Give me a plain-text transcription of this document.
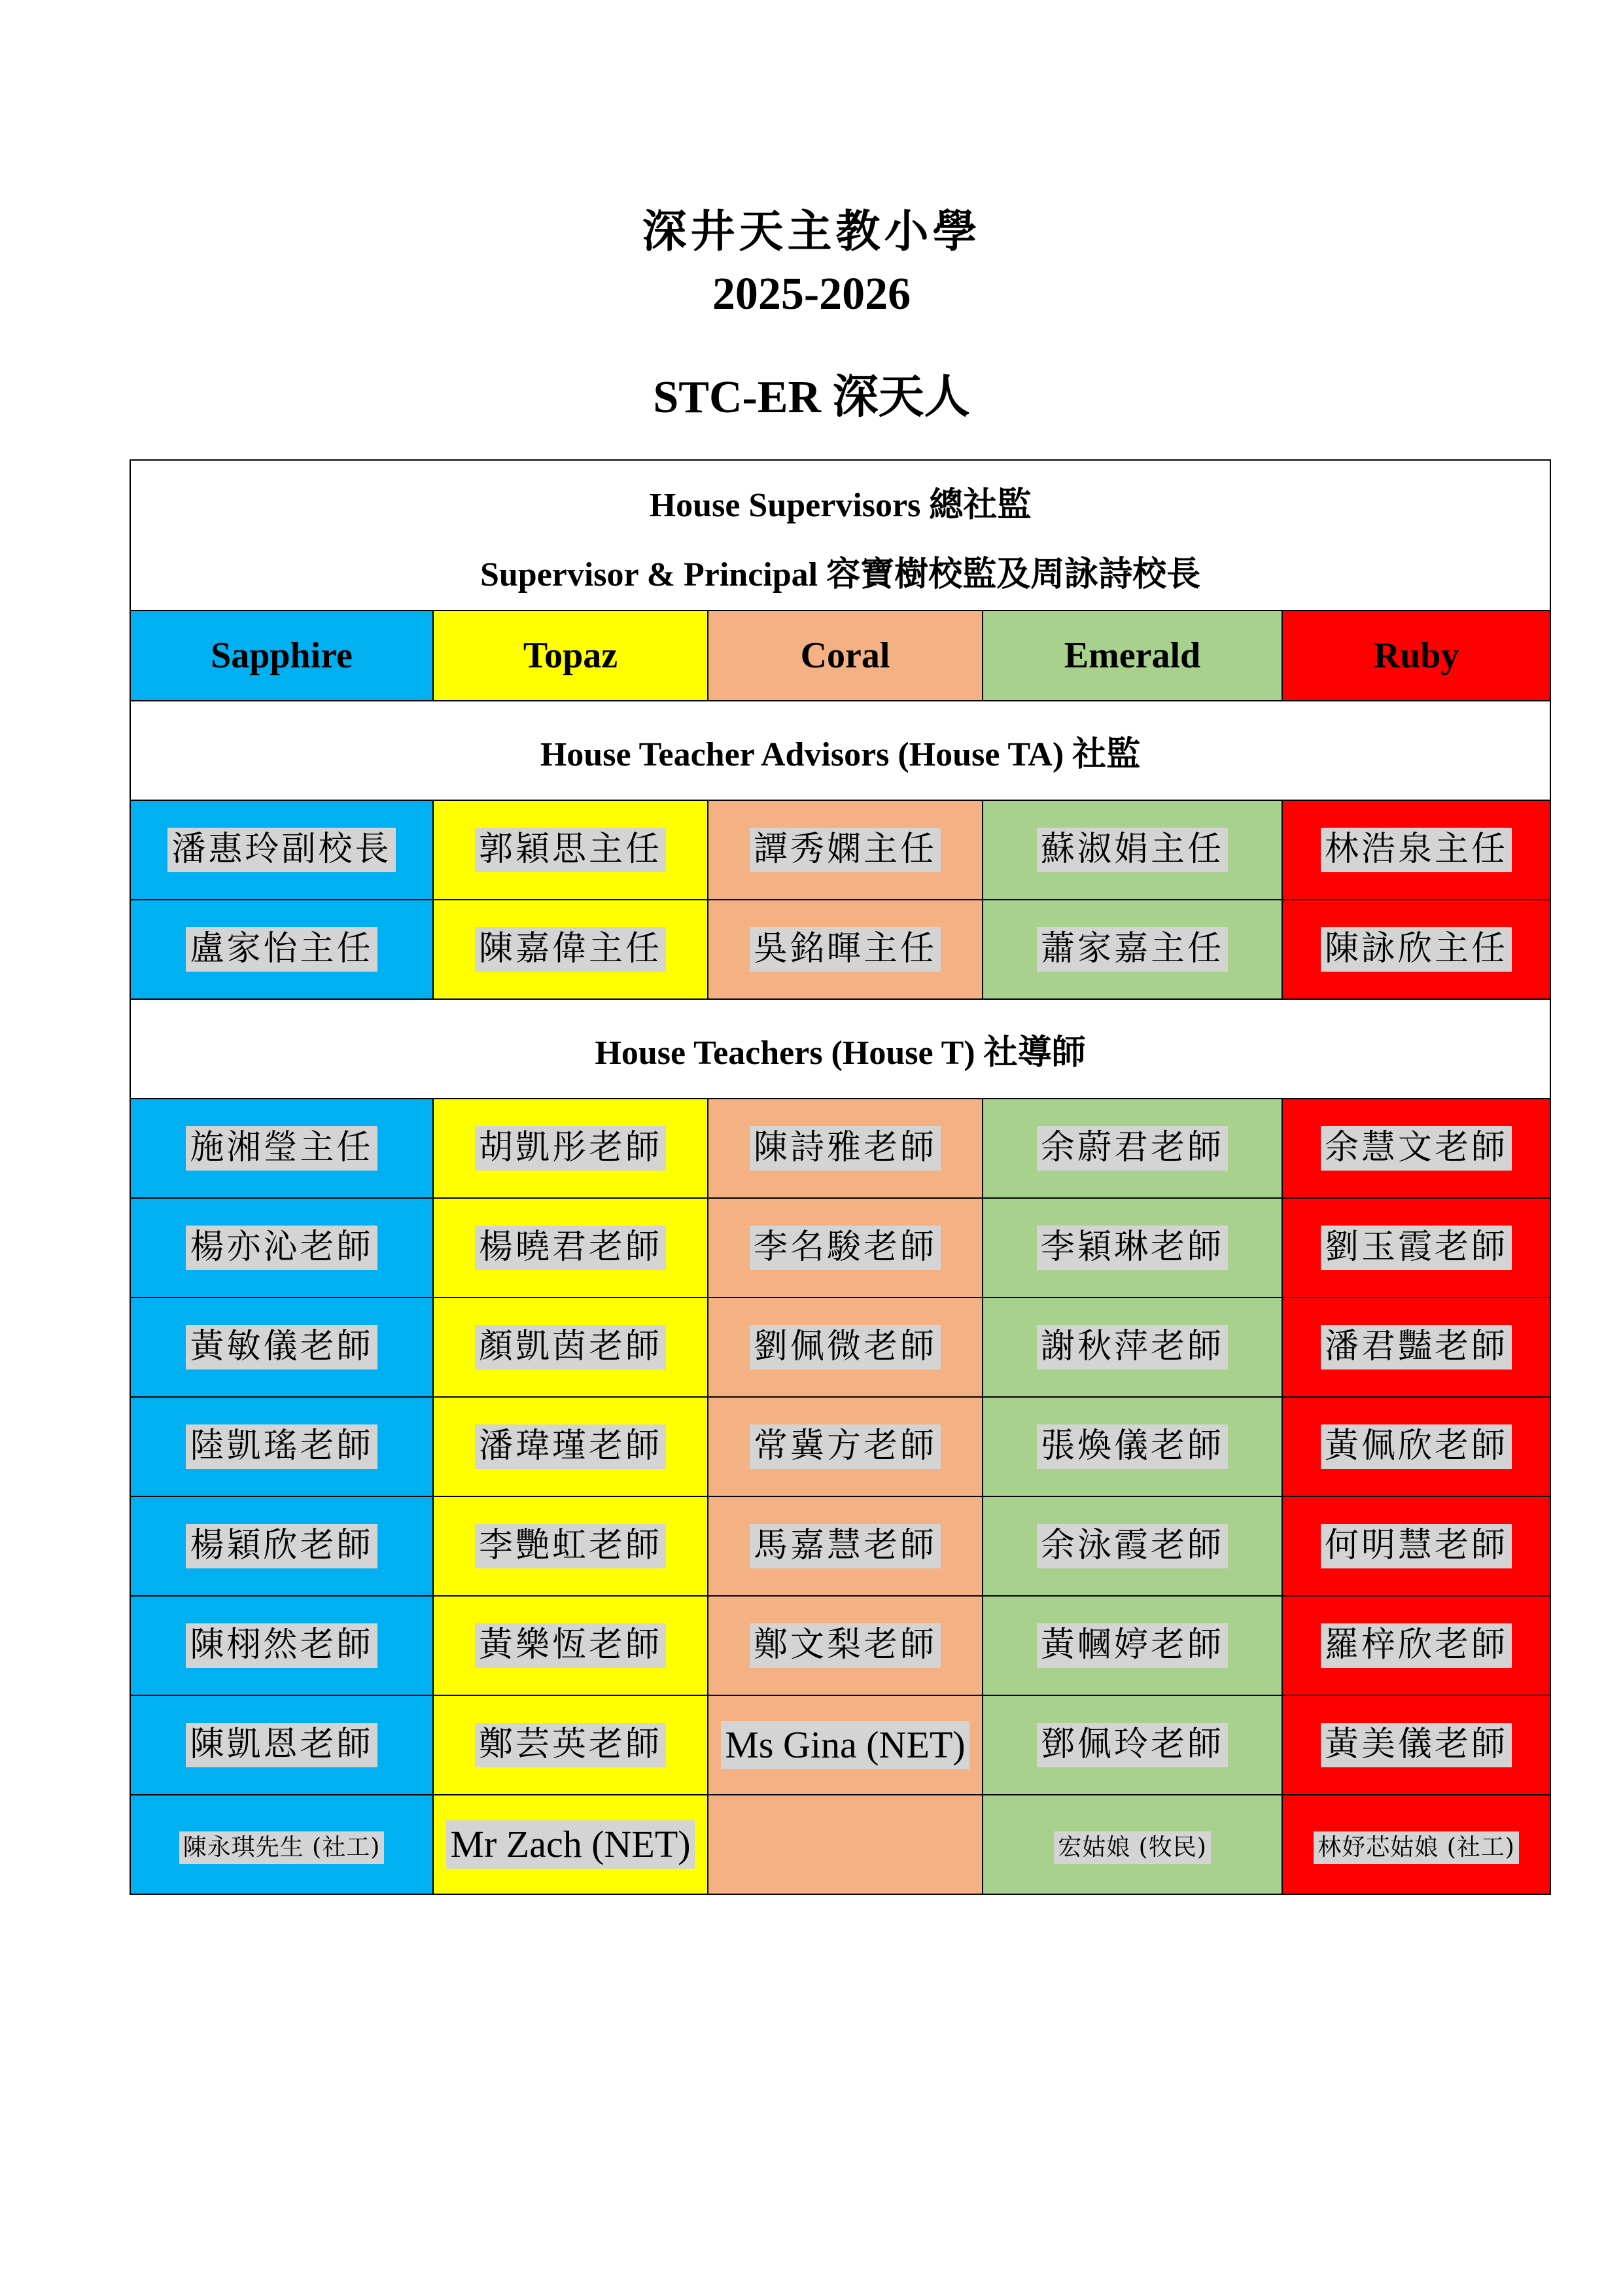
深井天主教小學
2025-2026
STC-ER 深天人
House Supervisors 總社監				
Supervisor & Principal 容寶樹校監及周詠詩校長				
Sapphire	Topaz	Coral	Emerald	Ruby
House Teacher Advisors (House TA) 社監				
潘惠玲副校長	郭穎思主任	譚秀嫻主任	蘇淑娟主任	林浩泉主任
盧家怡主任	陳嘉偉主任	吳銘暉主任	蕭家嘉主任	陳詠欣主任
House Teachers (House T) 社導師				
施湘瑩主任	胡凱彤老師	陳詩雅老師	余蔚君老師	余慧文老師
楊亦沁老師	楊曉君老師	李名駿老師	李穎琳老師	劉玉霞老師
黃敏儀老師	顏凱茵老師	劉佩微老師	謝秋萍老師	潘君豔老師
陸凱瑤老師	潘瑋瑾老師	常冀方老師	張煥儀老師	黃佩欣老師
楊穎欣老師	李艷虹老師	馬嘉慧老師	余泳霞老師	何明慧老師
陳栩然老師	黃樂恆老師	鄭文梨老師	黃幗婷老師	羅梓欣老師
陳凱恩老師	鄭芸英老師	Ms Gina (NET)	鄧佩玲老師	黃美儀老師
陳永琪先生 (社工)	Mr Zach (NET)		宏姑娘 (牧民)	林妤芯姑娘 (社工)
